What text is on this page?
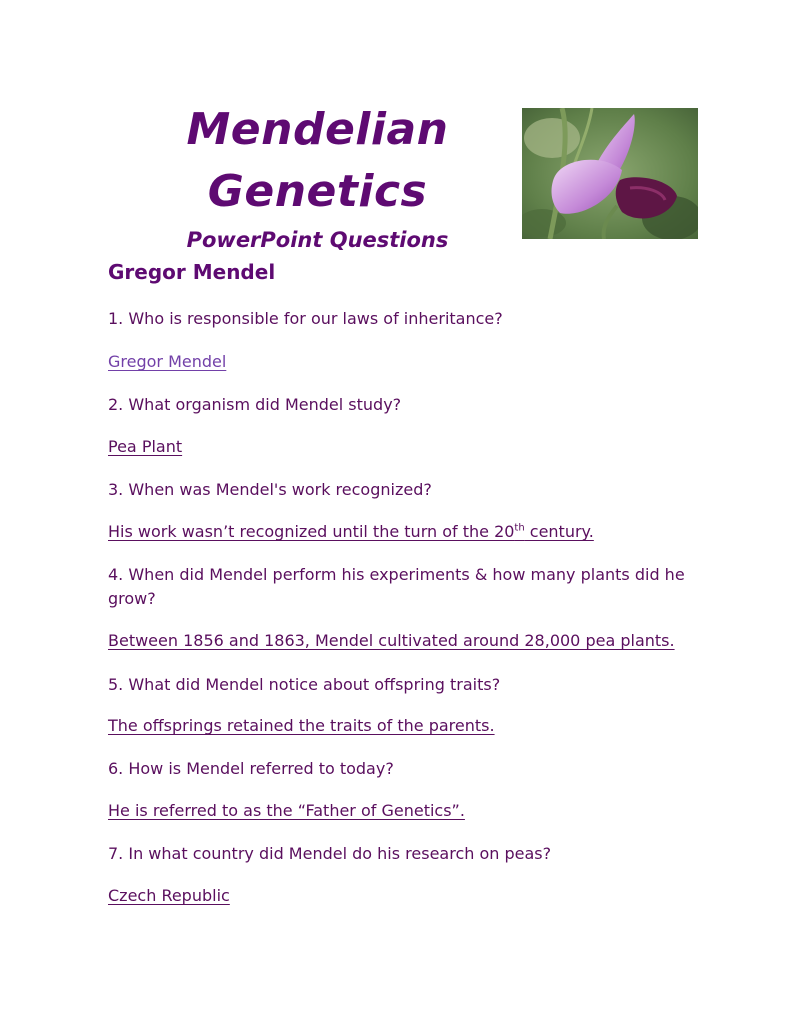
Mendelian
Genetics
PowerPoint Questions
Gregor Mendel
1. Who is responsible for our laws of inheritance?
Gregor Mendel
2. What organism did Mendel study?
Pea Plant
3. When was Mendel's work recognized?
His work wasn’t recognized until the turn of the 20th century.
4. When did Mendel perform his experiments & how many plants did he grow?
Between 1856 and 1863, Mendel cultivated around 28,000 pea plants.
5. What did Mendel notice about offspring traits?
The offsprings retained the traits of the parents.
6. How is Mendel referred to today?
He is referred to as the “Father of Genetics”.
7. In what country did Mendel do his research on peas?
Czech Republic
